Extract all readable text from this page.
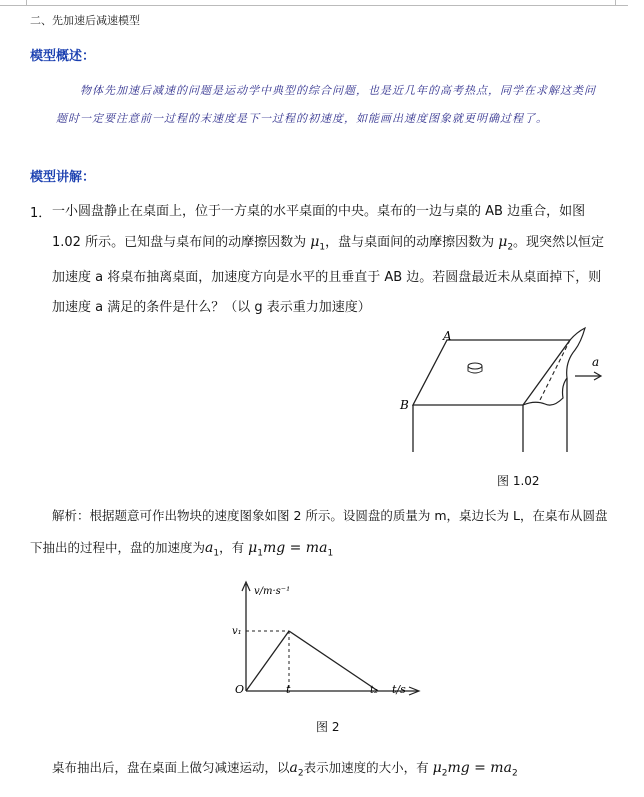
二、先加速后减速模型
模型概述：
物体先加速后减速的问题是运动学中典型的综合问题，也是近几年的高考热点，同学在求解这类问题时一定要注意前一过程的末速度是下一过程的初速度，如能画出速度图象就更明确过程了。
模型讲解：
1． 一小圆盘静止在桌面上，位于一方桌的水平桌面的中央。桌布的一边与桌的 AB 边重合，如图 1.02 所示。已知盘与桌布间的动摩擦因数为 $\mu_1$，盘与桌面间的动摩擦因数为 $\mu_2$。现突然以恒定加速度 a 将桌布抽离桌面，加速度方向是水平的且垂直于 AB 边。若圆盘最近未从桌面掉下，则加速度 a 满足的条件是什么？（以 g 表示重力加速度）
A
B
a
图 1.02
解析：根据题意可作出物块的速度图象如图 2 所示。设圆盘的质量为 m，桌边长为 L，在桌布从圆盘下抽出的过程中，盘的加速度为$a_1$，有 $\mu_1mg = ma_1$
v/m·s⁻¹
v₁
O	t	t₂ t/s
图 2
桌布抽出后，盘在桌面上做匀减速运动，以$a_2$表示加速度的大小，有 $\mu_2mg = ma_2$
